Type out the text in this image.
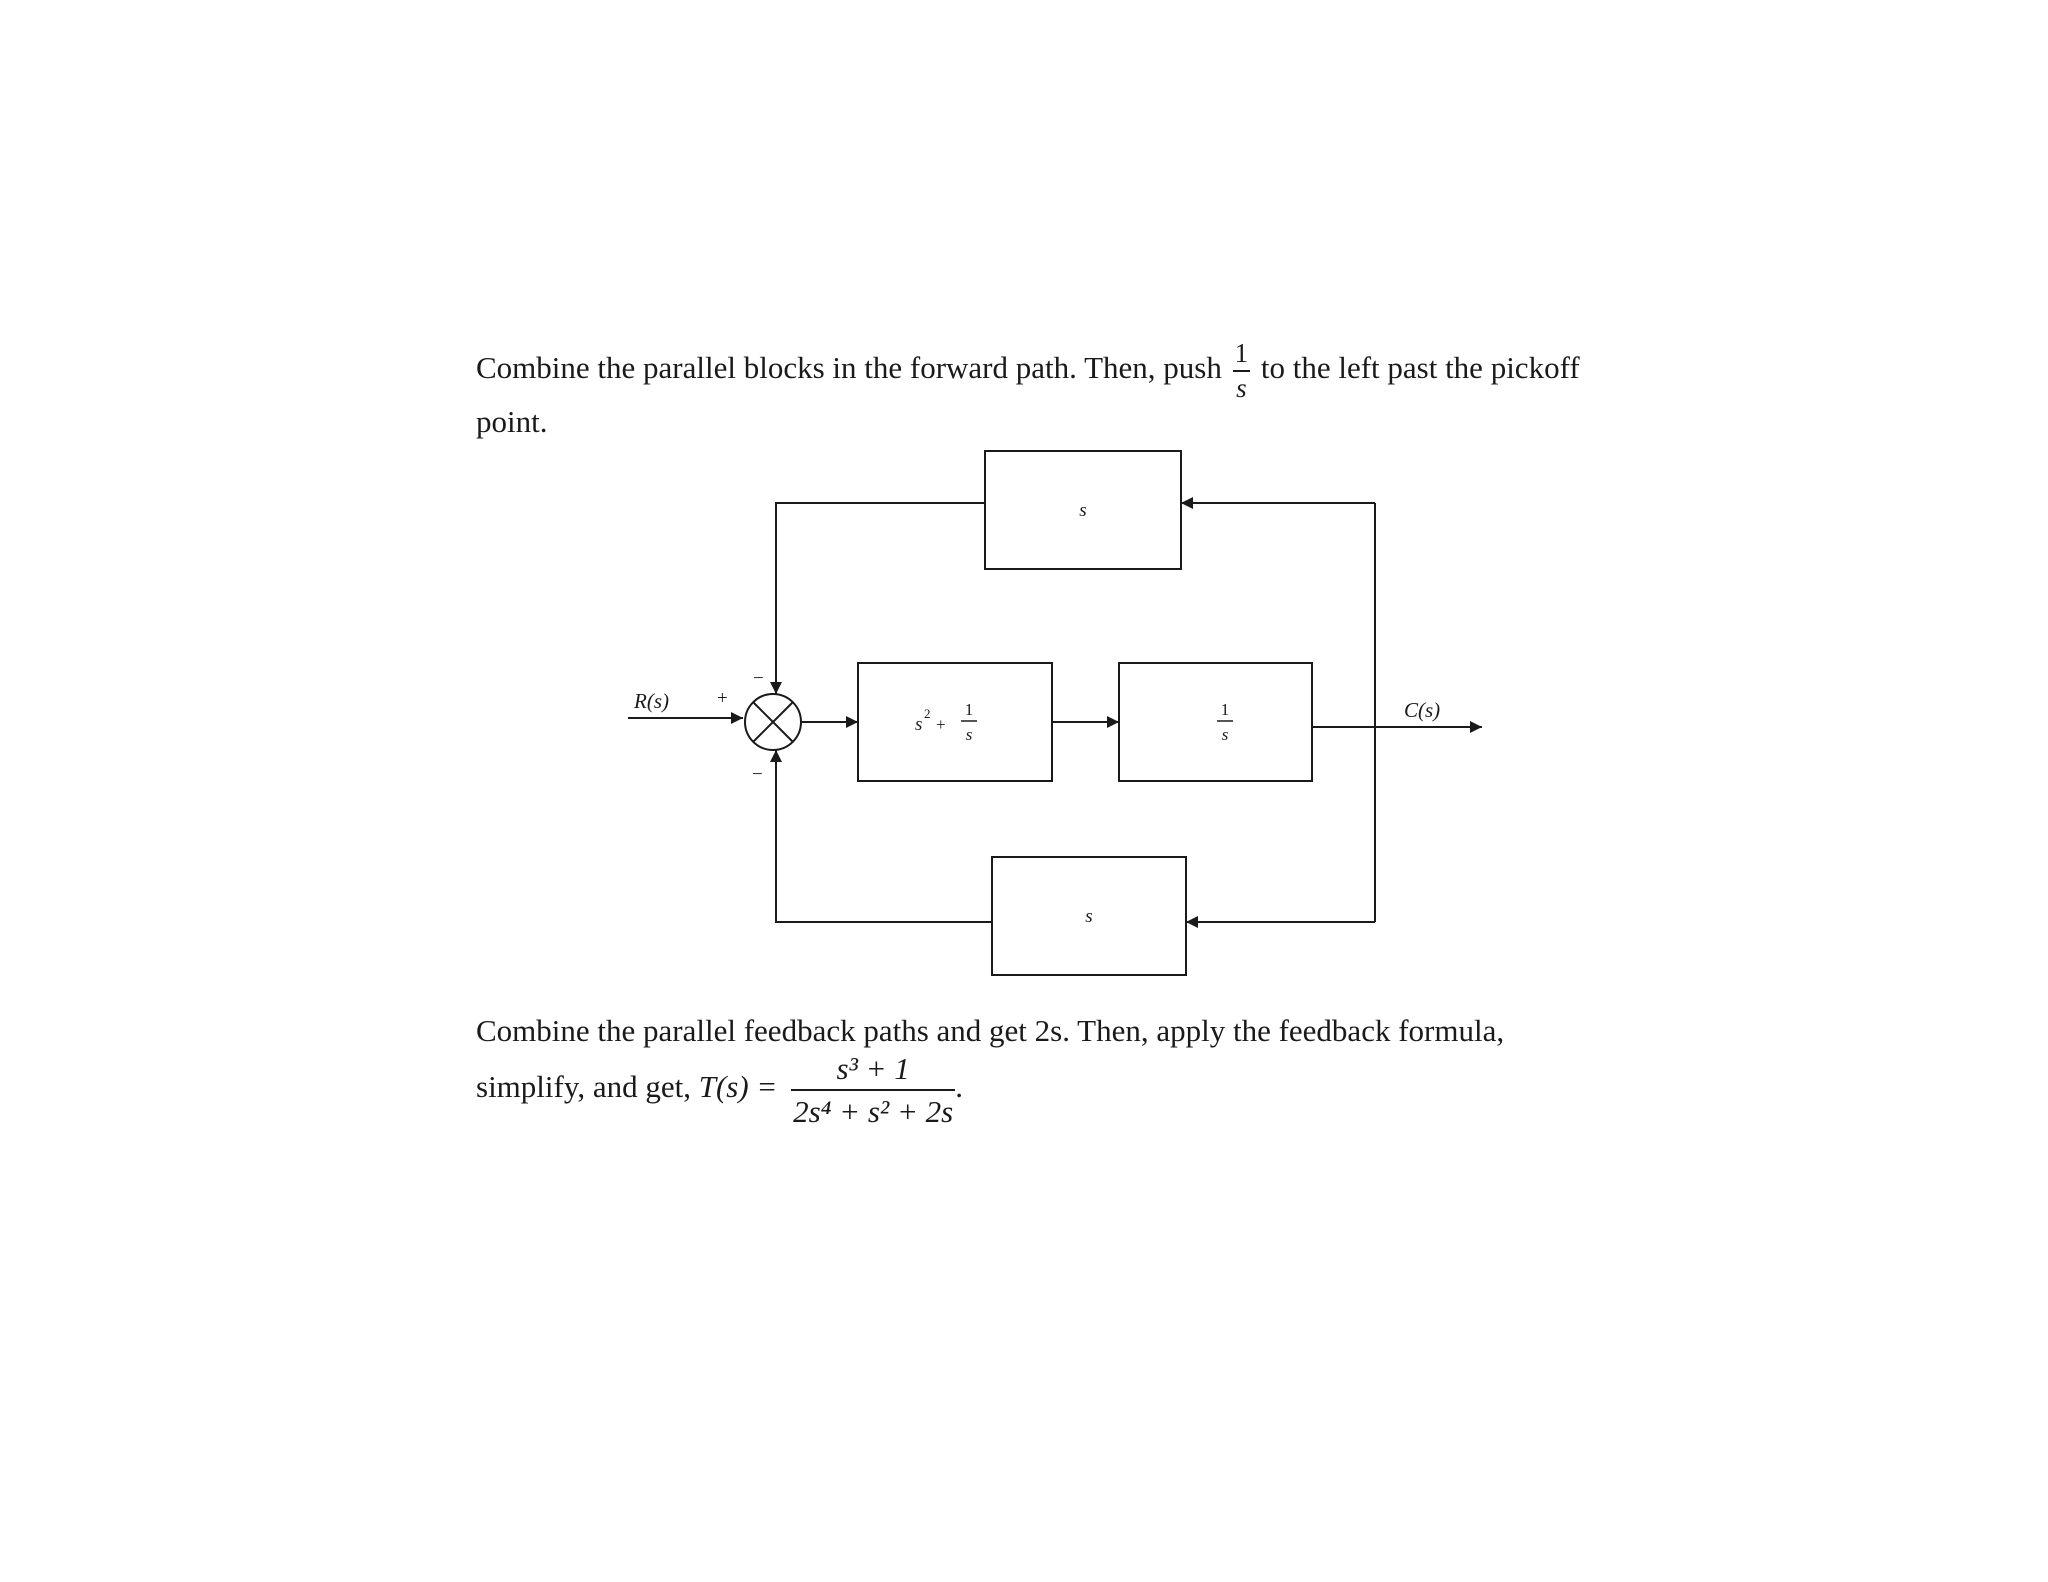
Combine the parallel blocks in the forward path. Then, push $\frac{1}{s}$ to the left past the pickoff
point.
R(s)	C(s)
+
−
−
s
s
s
2
+
1
s
1
s
Combine the parallel feedback paths and get 2s. Then, apply the feedback formula,
simplify, and get, $T(s) = \frac{\text{s³ + 1}}{\text{2s⁴ + s² + 2s}}$ .
